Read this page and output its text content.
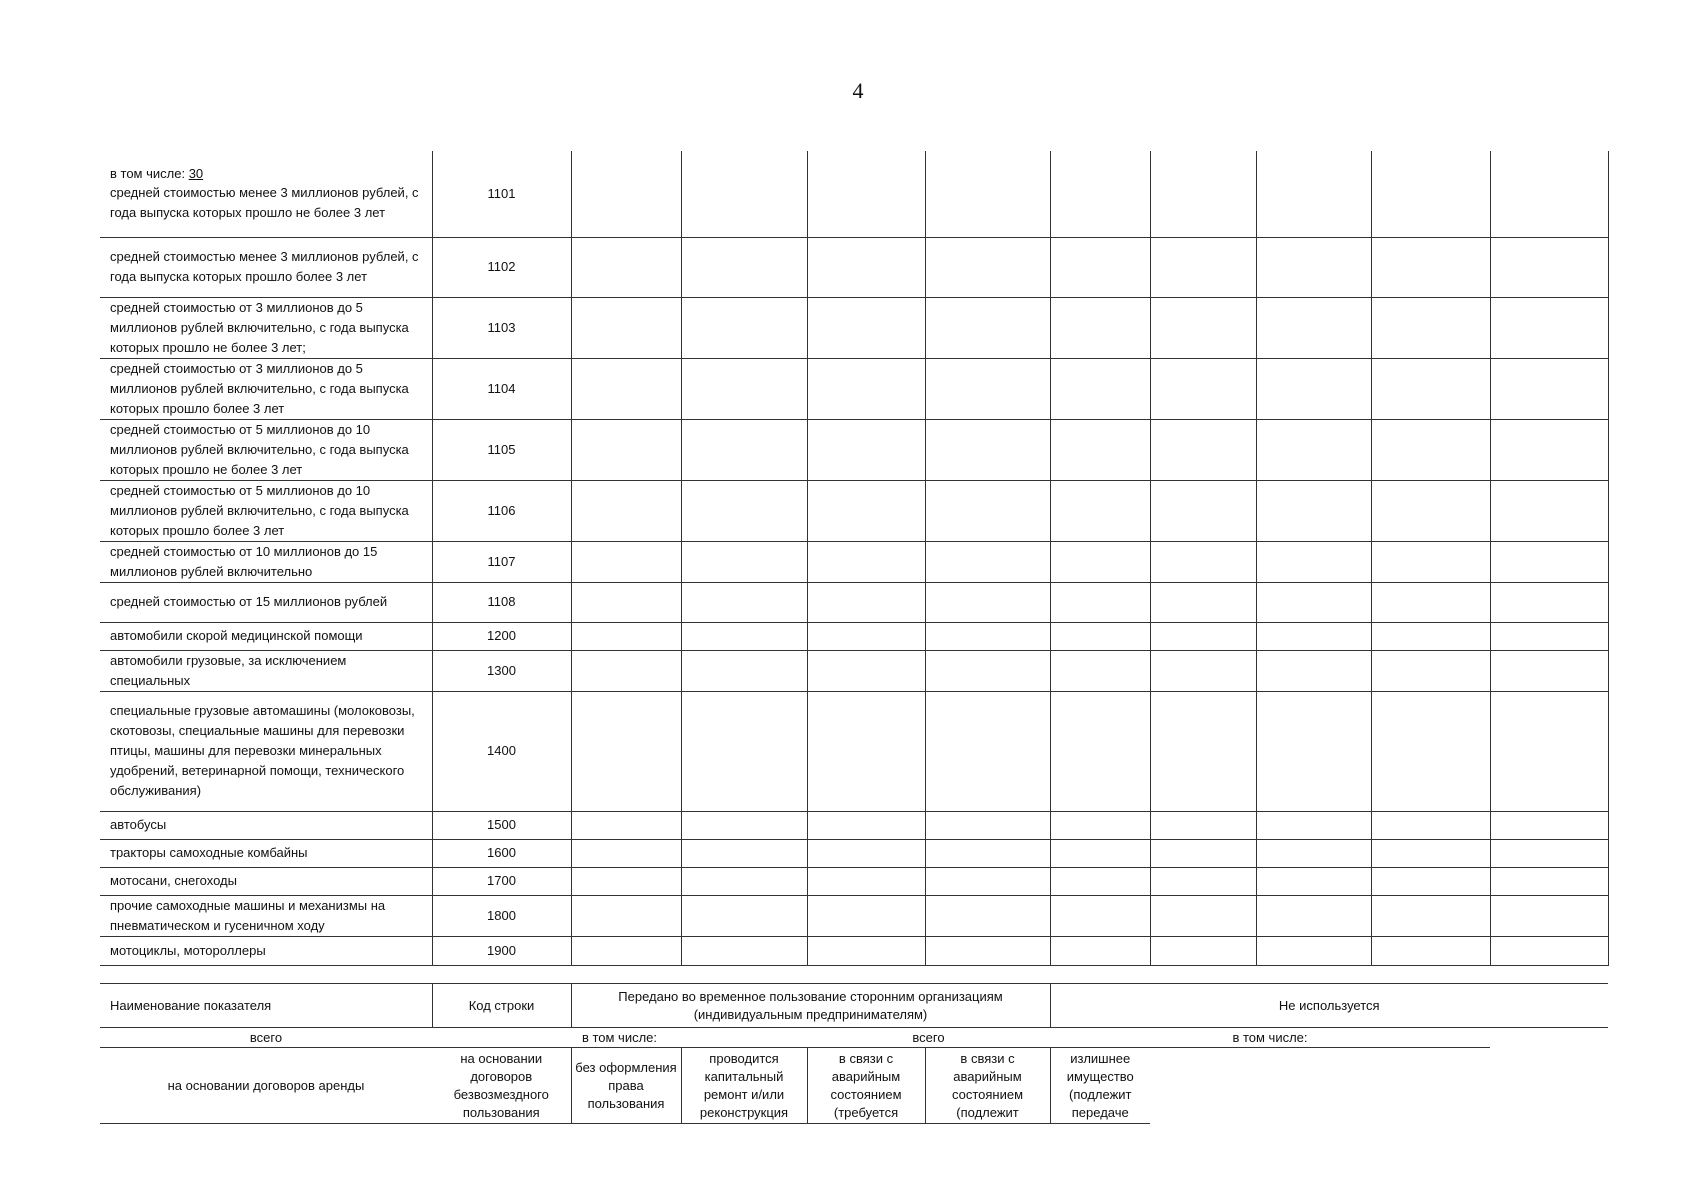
4
в том числе: 30
средней стоимостью менее 3 миллионов рублей, с года выпуска которых прошло не более 3 лет	1101									

средней стоимостью менее 3 миллионов рублей, с года выпуска которых прошло более 3 лет	1102									

средней стоимостью от 3 миллионов до 5 миллионов рублей включительно, с года выпуска которых прошло не более 3 лет;	1103									

средней стоимостью от 3 миллионов до 5 миллионов рублей включительно, с года выпуска которых прошло более 3 лет	1104									

средней стоимостью от 5 миллионов до 10 миллионов рублей включительно, с года выпуска которых прошло не более 3 лет	1105									

средней стоимостью от 5 миллионов до 10 миллионов рублей включительно, с года выпуска которых прошло более 3 лет	1106									

средней стоимостью от 10 миллионов до 15 миллионов рублей включительно	1107									

средней стоимостью от 15 миллионов рублей	1108									

автомобили скорой медицинской помощи	1200									

автомобили грузовые, за исключением специальных	1300									

специальные грузовые автомашины (молоковозы, скотовозы, специальные машины для перевозки птицы, машины для перевозки минеральных удобрений, ветеринарной помощи, технического обслуживания)	1400									

автобусы	1500									

тракторы самоходные комбайны	1600									

мотосани, снегоходы	1700									

прочие самоходные машины и механизмы на пневматическом и гусеничном ходу	1800									

мотоциклы, мотороллеры	1900									
Наименование показателя	Код строки	Передано во временное пользование сторонним организациям (индивидуальным предпринимателям)				Не используется				
всего	в том числе:			всего		в том числе:				
на основании договоров аренды	на основании договоров безвозмездного пользования	без оформления права пользования	проводится капитальный ремонт и/или реконструкция	в связи с аварийным состоянием (требуется	в связи с аварийным состоянием (подлежит	излишнее имущество (подлежит передаче				
